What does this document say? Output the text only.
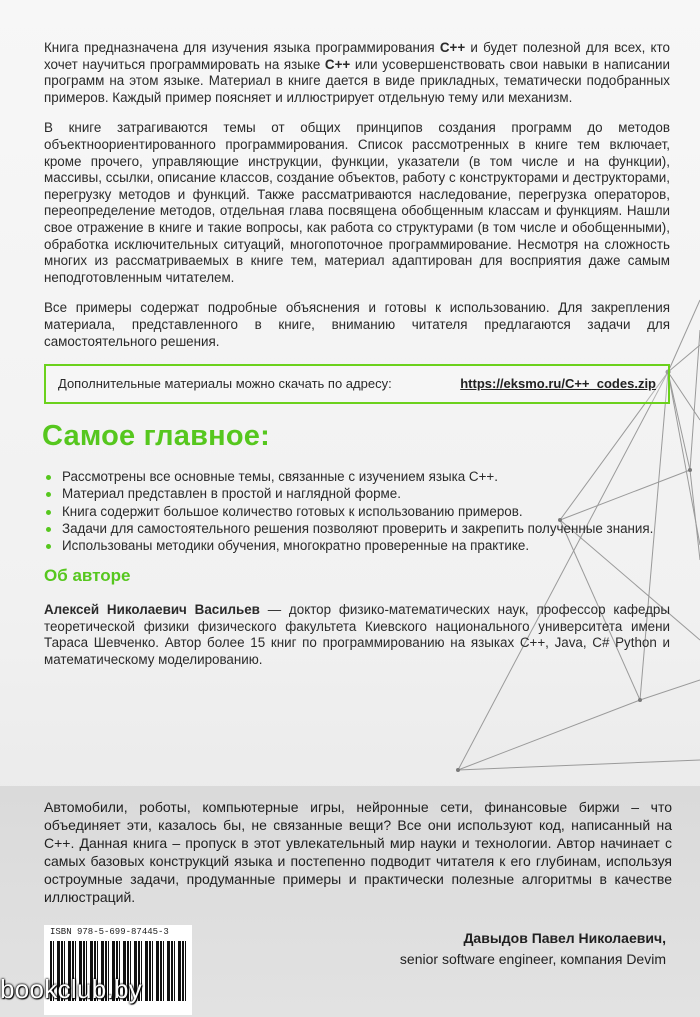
Книга предназначена для изучения языка программирования C++ и будет полезной для всех, кто хочет научиться программировать на языке C++ или усовершенствовать свои навыки в написании программ на этом языке. Материал в книге дается в виде прикладных, тематически подобранных примеров. Каждый пример поясняет и иллюстрирует отдельную тему или механизм.

В книге затрагиваются темы от общих принципов создания программ до методов объектноориентированного программирования. Список рассмотренных в книге тем включает, кроме прочего, управляющие инструкции, функции, указатели (в том числе и на функции), массивы, ссылки, описание классов, создание объектов, работу с конструкторами и деструкторами, перегрузку методов и функций. Также рассматриваются наследование, перегрузка операторов, переопределение методов, отдельная глава посвящена обобщенным классам и функциям. Нашли свое отражение в книге и такие вопросы, как работа со структурами (в том числе и обобщенными), обработка исключительных ситуаций, многопоточное программирование. Несмотря на сложность многих из рассматриваемых в книге тем, материал адаптирован для восприятия даже самым неподготовленным читателем.

Все примеры содержат подробные объяснения и готовы к использованию. Для закрепления материала, представленного в книге, вниманию читателя предлагаются задачи для самостоятельного решения.

Дополнительные материалы можно скачать по адресу:	https://eksmo.ru/C++_codes.zip
Самое главное:
Рассмотрены все основные темы, связанные с изучением языка C++.
Материал представлен в простой и наглядной форме.
Книга содержит большое количество готовых к использованию примеров.
Задачи для самостоятельного решения позволяют проверить и закрепить полученные знания.
Использованы методики обучения, многократно проверенные на практике.
Об авторе

Алексей Николаевич Васильев — доктор физико-математических наук, профессор кафедры теоретической физики физического факультета Киевского национального университета имени Тараса Шевченко. Автор более 15 книг по программированию на языках C++, Java, C# Python и математическому моделированию.

Автомобили, роботы, компьютерные игры, нейронные сети, финансовые биржи – что объединяет эти, казалось бы, не связанные вещи? Все они используют код, написанный на C++. Данная книга – пропуск в этот увлекательный мир науки и технологии. Автор начинает с самых базовых конструкций языка и постепенно подводит читателя к его глубинам, используя остроумные задачи, продуманные примеры и практически полезные алгоритмы в качестве иллюстраций.

ISBN 978-5-699-87445-3	Давыдов Павел Николаевич,
senior software engineer, компания Devim
bookclub.by
